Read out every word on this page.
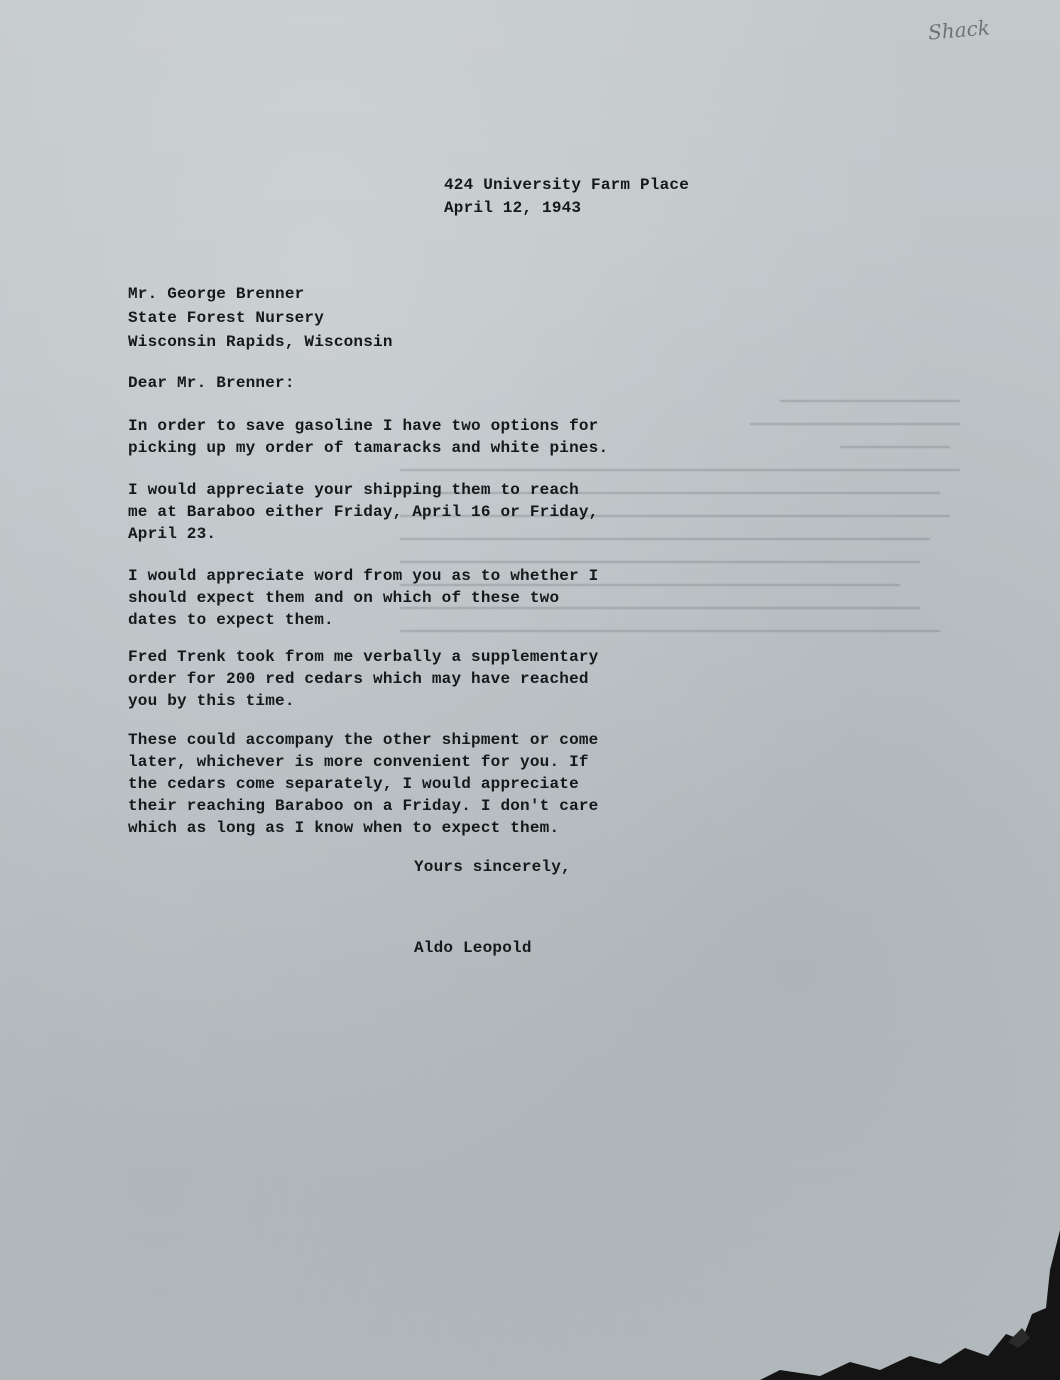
Shack

424 University Farm Place

April 12, 1943

Mr. George Brenner

State Forest Nursery

Wisconsin Rapids, Wisconsin

Dear Mr. Brenner:

In order to save gasoline I have two options for
picking up my order of tamaracks and white pines.

I would appreciate your shipping them to reach
me at Baraboo either Friday, April 16 or Friday,
April 23.

I would appreciate word from you as to whether I
should expect them and on which of these two
dates to expect them.

Fred Trenk took from me verbally a supplementary
order for 200 red cedars which may have reached
you by this time.

These could accompany the other shipment or come
later, whichever is more convenient for you. If
the cedars come separately, I would appreciate
their reaching Baraboo on a Friday. I don't care
which as long as I know when to expect them.

Yours sincerely,

Aldo Leopold
